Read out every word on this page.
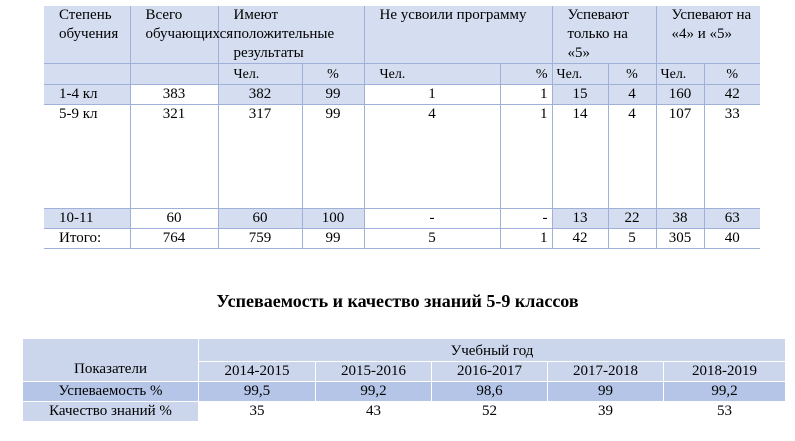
Степень обучения	Всего обучающихся	Имеют положительные результаты		Не усвоили программу		Успевают только на «5»		Успевают на «4» и «5»	
		Чел.	%	Чел.	%	Чел.	%	Чел.	%
1-4 кл	383	382	99	1	1	15	4	160	42
5-9 кл	321	317	99	4	1	14	4	107	33
10-11	60	60	100	-	-	13	22	38	63
Итого:	764	759	99	5	1	42	5	305	40
Успеваемость и качество знаний 5-9 классов
Показатели	Учебный год				
	2014-2015	2015-2016	2016-2017	2017-2018	2018-2019
Успеваемость %	99,5	99,2	98,6	99	99,2
Качество знаний %	35	43	52	39	53
